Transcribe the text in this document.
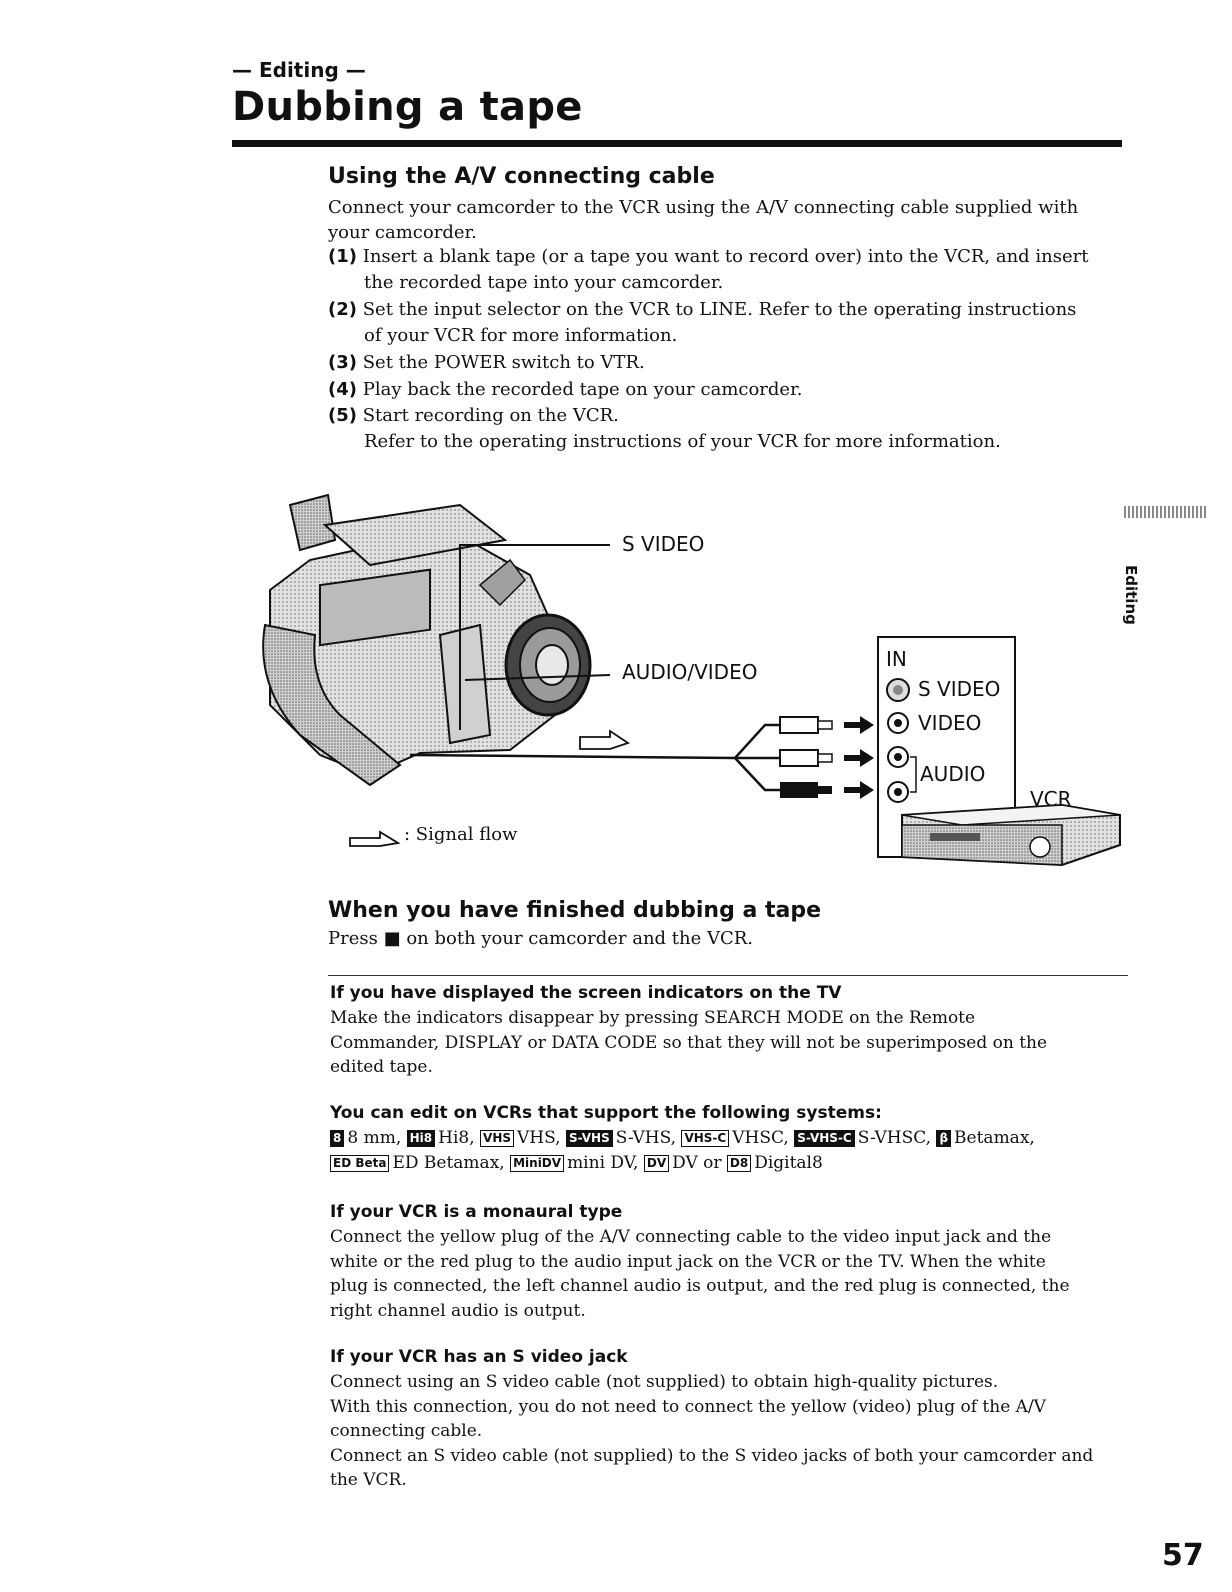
— Editing —
Dubbing a tape
Using the A/V connecting cable
Connect your camcorder to the VCR using the A/V connecting cable supplied with
your camcorder.
(1) Insert a blank tape (or a tape you want to record over) into the VCR, and insert
the recorded tape into your camcorder.
(2) Set the input selector on the VCR to LINE. Refer to the operating instructions
of your VCR for more information.
(3) Set the POWER switch to VTR.
(4) Play back the recorded tape on your camcorder.
(5) Start recording on the VCR.
Refer to the operating instructions of your VCR for more information.
S VIDEO
AUDIO/VIDEO
IN
S VIDEO
VIDEO
AUDIO
VCR
: Signal flow
When you have finished dubbing a tape
Press ■ on both your camcorder and the VCR.
If you have displayed the screen indicators on the TV
Make the indicators disappear by pressing SEARCH MODE on the Remote
Commander, DISPLAY or DATA CODE so that they will not be superimposed on the
edited tape.
You can edit on VCRs that support the following systems:
8 8 mm, Hi8 Hi8, VHS VHS, S-VHS S-VHS, VHS-C VHSC, S-VHS-C S-VHSC, β Betamax,
ED Beta ED Betamax, MiniDV mini DV, DV DV or D8 Digital8
If your VCR is a monaural type
Connect the yellow plug of the A/V connecting cable to the video input jack and the
white or the red plug to the audio input jack on the VCR or the TV. When the white
plug is connected, the left channel audio is output, and the red plug is connected, the
right channel audio is output.
If your VCR has an S video jack
Connect using an S video cable (not supplied) to obtain high-quality pictures.
With this connection, you do not need to connect the yellow (video) plug of the A/V
connecting cable.
Connect an S video cable (not supplied) to the S video jacks of both your camcorder and
the VCR.
Editing
57
